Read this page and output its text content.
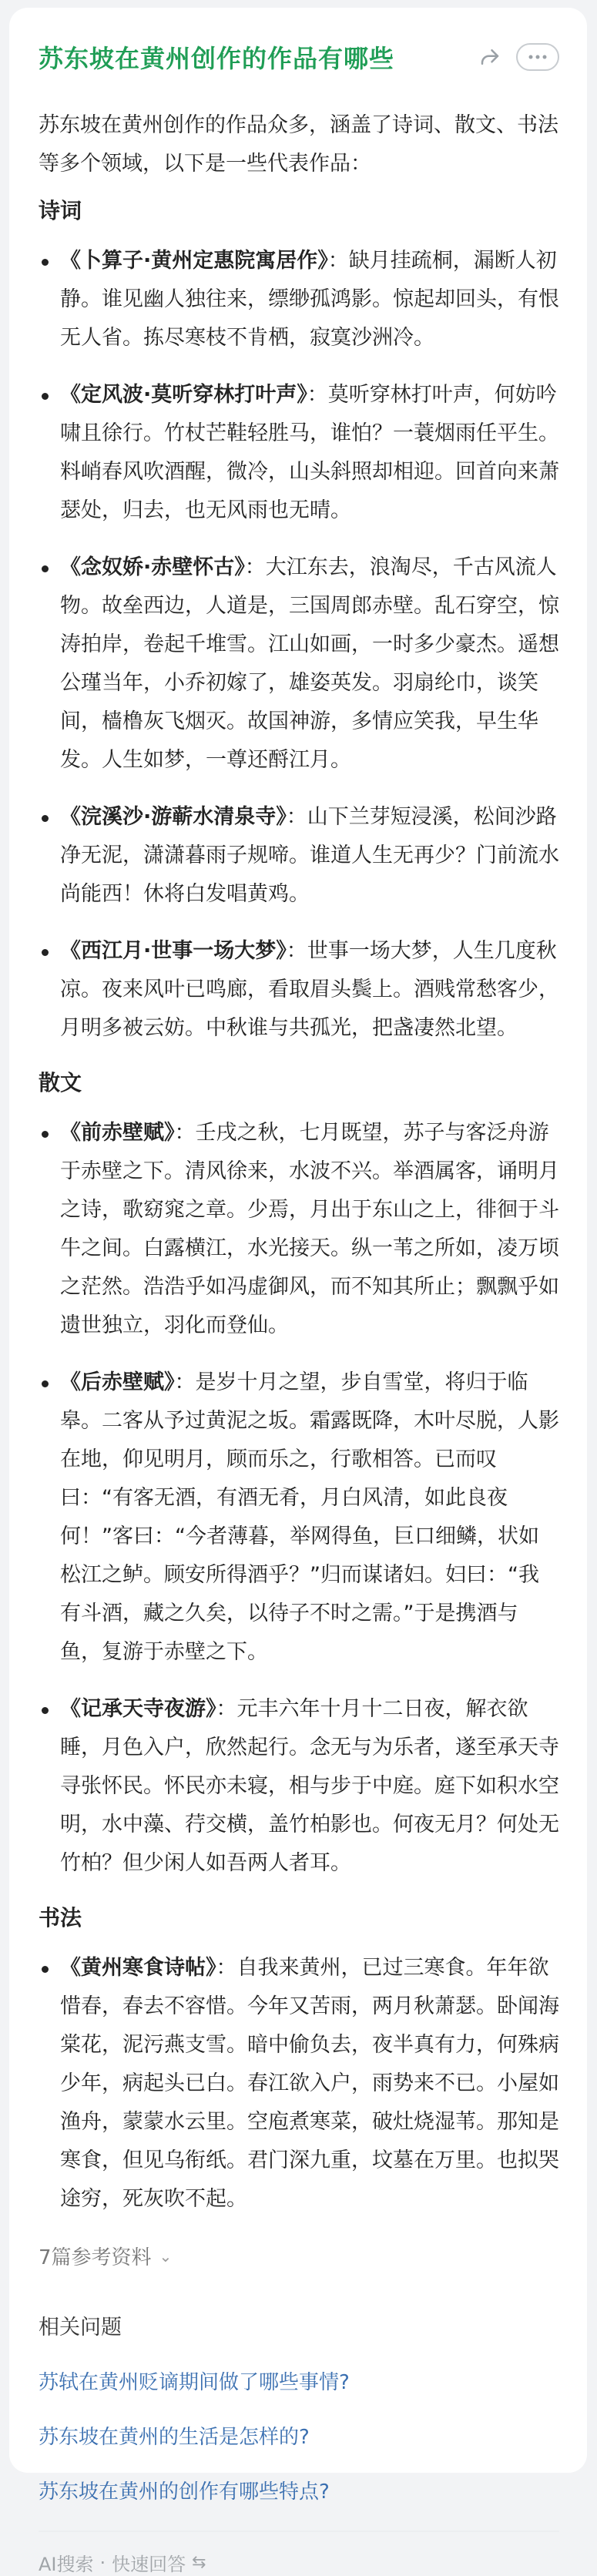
苏东坡在黄州创作的作品有哪些
苏东坡在黄州创作的作品众多，涵盖了诗词、散文、书法等多个领域，以下是一些代表作品：
诗词
《卜算子·黄州定惠院寓居作》：缺月挂疏桐，漏断人初静。谁见幽人独往来，缥缈孤鸿影。惊起却回头，有恨无人省。拣尽寒枝不肯栖，寂寞沙洲冷。
《定风波·莫听穿林打叶声》：莫听穿林打叶声，何妨吟啸且徐行。竹杖芒鞋轻胜马，谁怕？一蓑烟雨任平生。料峭春风吹酒醒，微冷，山头斜照却相迎。回首向来萧瑟处，归去，也无风雨也无晴。
《念奴娇·赤壁怀古》：大江东去，浪淘尽，千古风流人物。故垒西边，人道是，三国周郎赤壁。乱石穿空，惊涛拍岸，卷起千堆雪。江山如画，一时多少豪杰。遥想公瑾当年，小乔初嫁了，雄姿英发。羽扇纶巾，谈笑间，樯橹灰飞烟灭。故国神游，多情应笑我，早生华发。人生如梦，一尊还酹江月。
《浣溪沙·游蕲水清泉寺》：山下兰芽短浸溪，松间沙路净无泥，潇潇暮雨子规啼。谁道人生无再少？门前流水尚能西！休将白发唱黄鸡。
《西江月·世事一场大梦》：世事一场大梦，人生几度秋凉。夜来风叶已鸣廊，看取眉头鬓上。酒贱常愁客少，月明多被云妨。中秋谁与共孤光，把盏凄然北望。
散文
《前赤壁赋》：壬戌之秋，七月既望，苏子与客泛舟游于赤壁之下。清风徐来，水波不兴。举酒属客，诵明月之诗，歌窈窕之章。少焉，月出于东山之上，徘徊于斗牛之间。白露横江，水光接天。纵一苇之所如，凌万顷之茫然。浩浩乎如冯虚御风，而不知其所止；飘飘乎如遗世独立，羽化而登仙。
《后赤壁赋》：是岁十月之望，步自雪堂，将归于临皋。二客从予过黄泥之坂。霜露既降，木叶尽脱，人影在地，仰见明月，顾而乐之，行歌相答。已而叹曰：“有客无酒，有酒无肴，月白风清，如此良夜何！”客曰：“今者薄暮，举网得鱼，巨口细鳞，状如松江之鲈。顾安所得酒乎？”归而谋诸妇。妇曰：“我有斗酒，藏之久矣，以待子不时之需。”于是携酒与鱼，复游于赤壁之下。
《记承天寺夜游》：元丰六年十月十二日夜，解衣欲睡，月色入户，欣然起行。念无与为乐者，遂至承天寺寻张怀民。怀民亦未寝，相与步于中庭。庭下如积水空明，水中藻、荇交横，盖竹柏影也。何夜无月？何处无竹柏？但少闲人如吾两人者耳。
书法
《黄州寒食诗帖》：自我来黄州，已过三寒食。年年欲惜春，春去不容惜。今年又苦雨，两月秋萧瑟。卧闻海棠花，泥污燕支雪。暗中偷负去，夜半真有力，何殊病少年，病起头已白。春江欲入户，雨势来不已。小屋如渔舟，蒙蒙水云里。空庖煮寒菜，破灶烧湿苇。那知是寒食，但见乌衔纸。君门深九重，坟墓在万里。也拟哭途穷，死灰吹不起。
7篇参考资料 ⌄
相关问题
苏轼在黄州贬谪期间做了哪些事情?
苏东坡在黄州的生活是怎样的?
苏东坡在黄州的创作有哪些特点?
AI搜索 · 快速回答 ⇆
